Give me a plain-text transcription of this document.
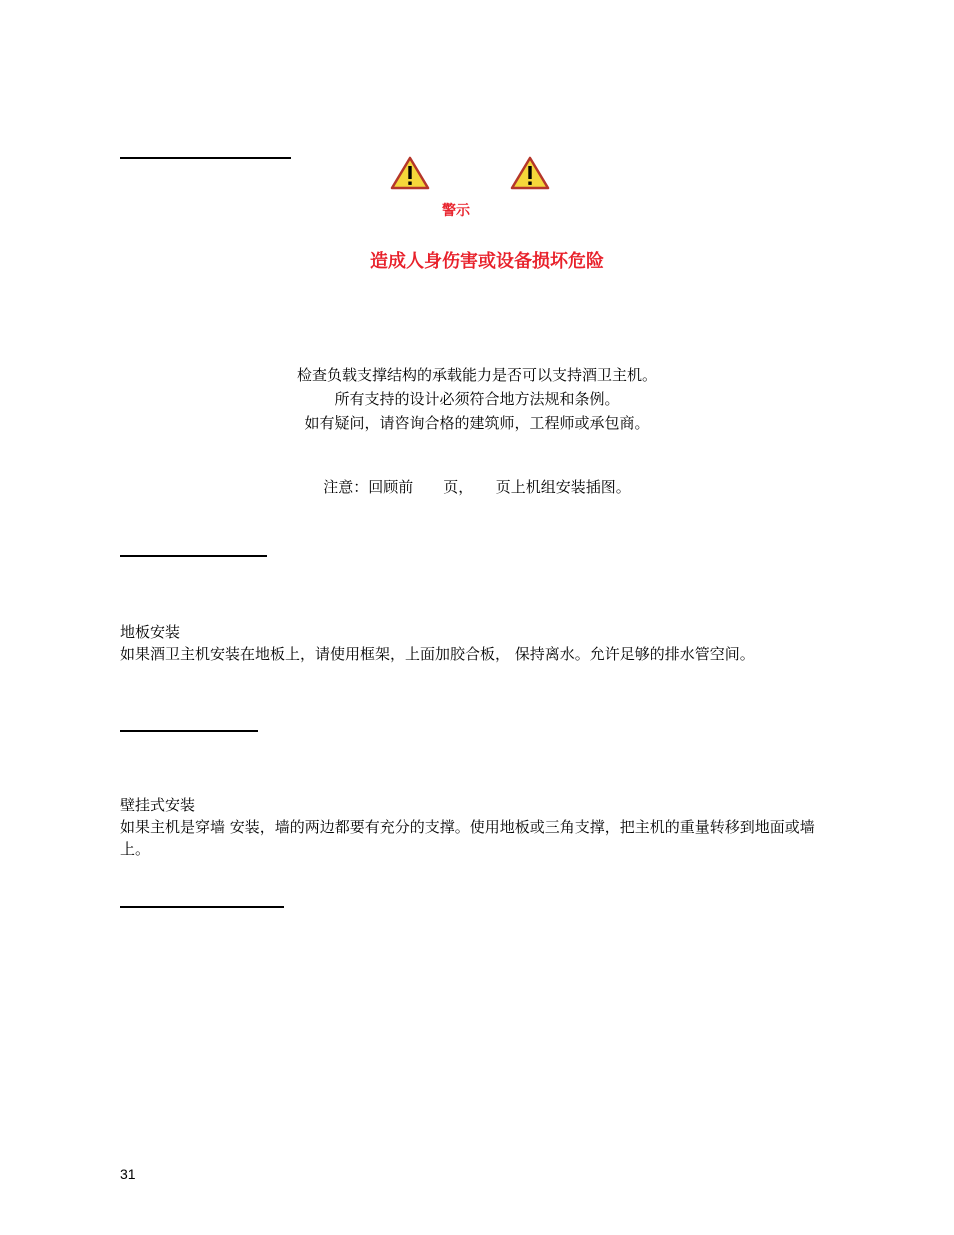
警示
造成人身伤害或设备损坏危险
检查负载支撑结构的承载能力是否可以支持酒卫主机。
所有支持的设计必须符合地方法规和条例。
如有疑问，请咨询合格的建筑师，工程师或承包商。
注意：回顾前　　页，　　页上机组安装插图。
地板安装
如果酒卫主机安装在地板上，请使用框架，上面加胶合板， 保持离水。允许足够的排水管空间。
壁挂式安装
如果主机是穿墙 安装，墙的两边都要有充分的支撑。使用地板或三角支撑，把主机的重量转移到地面或墙上。
31
